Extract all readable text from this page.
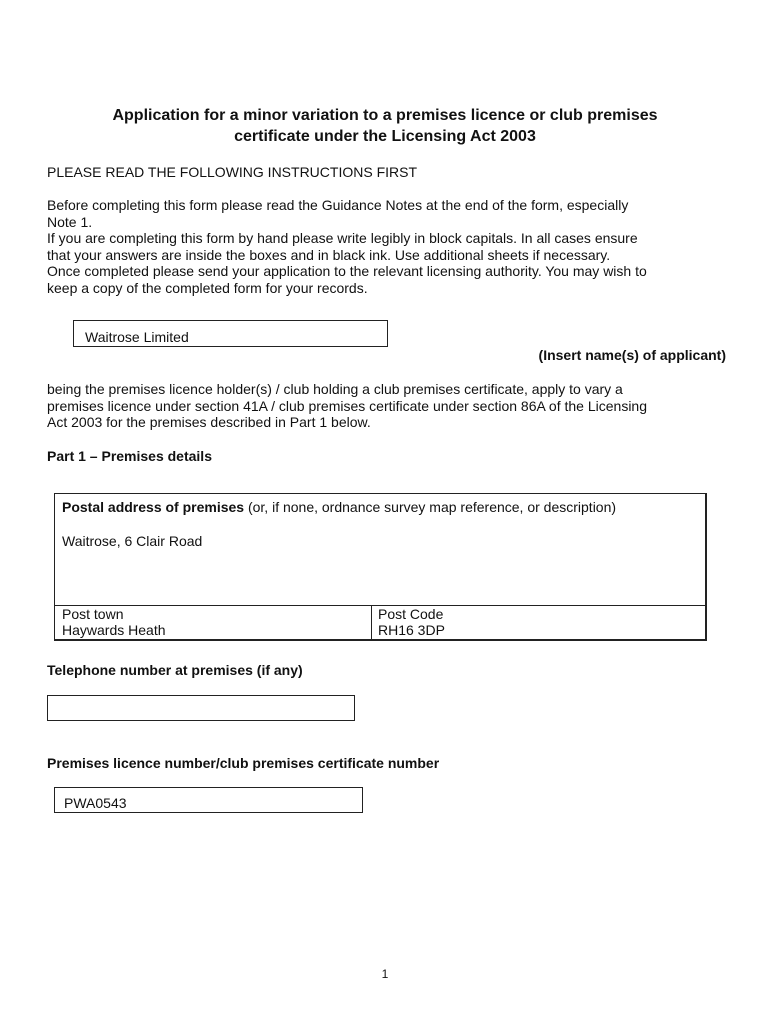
Application for a minor variation to a premises licence or club premises
certificate under the Licensing Act 2003
PLEASE READ THE FOLLOWING INSTRUCTIONS FIRST
Before completing this form please read the Guidance Notes at the end of the form, especially
Note 1.
If you are completing this form by hand please write legibly in block capitals. In all cases ensure
that your answers are inside the boxes and in black ink. Use additional sheets if necessary.
Once completed please send your application to the relevant licensing authority. You may wish to
keep a copy of the completed form for your records.
Waitrose Limited
(Insert name(s) of applicant)
being the premises licence holder(s) / club holding a club premises certificate, apply to vary a
premises licence under section 41A / club premises certificate under section 86A of the Licensing
Act 2003 for the premises described in Part 1 below.
Part 1 – Premises details
Postal address of premises (or, if none, ordnance survey map reference, or description)
Waitrose, 6 Clair Road
Post town
Haywards Heath
Post Code
RH16 3DP
Telephone number at premises (if any)
Premises licence number/club premises certificate number
PWA0543
1
